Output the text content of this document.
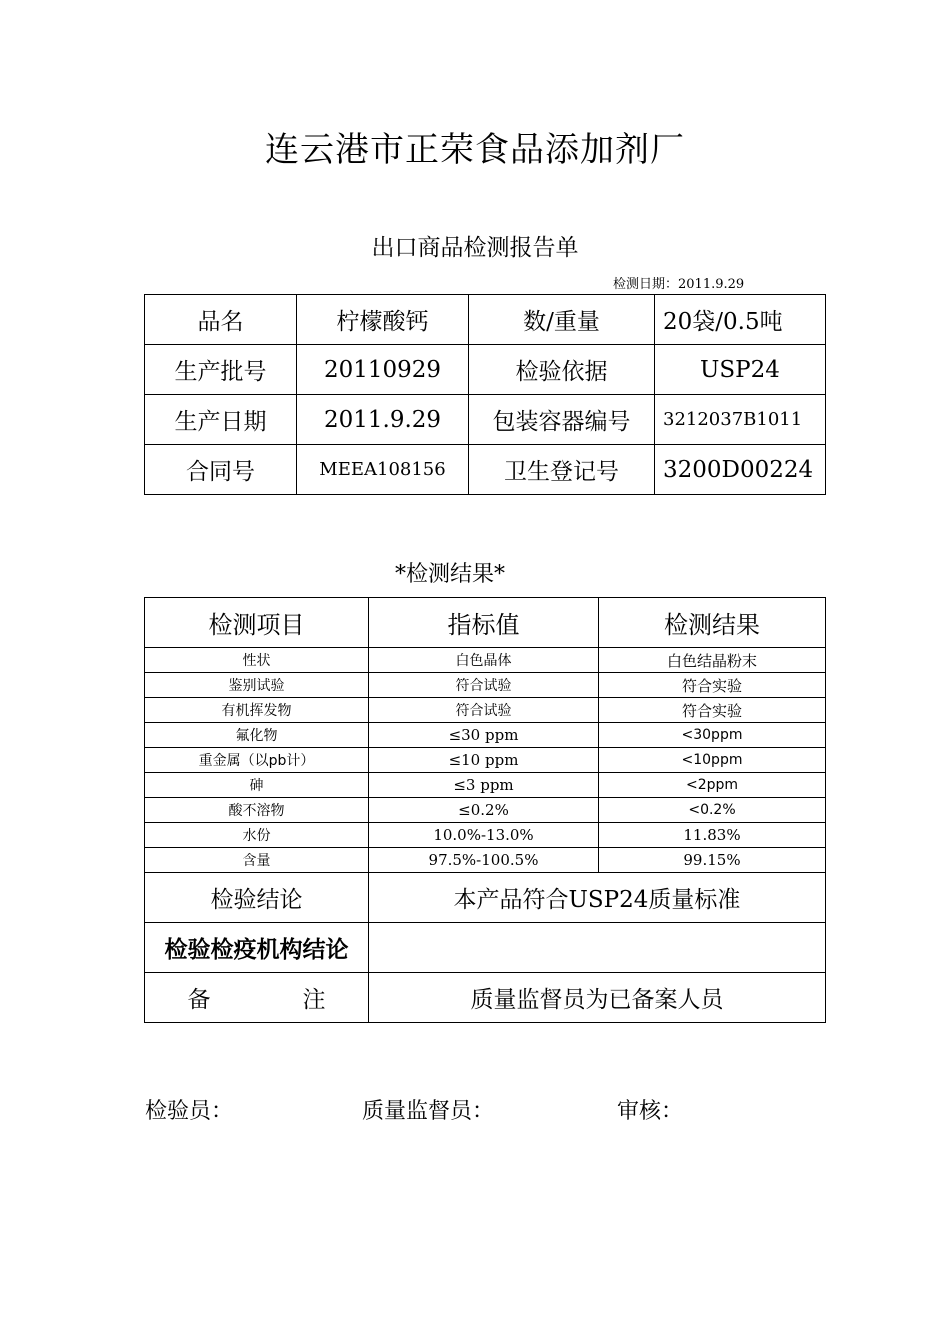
连云港市正荣食品添加剂厂
出口商品检测报告单
检测日期：2011.9.29
品名	柠檬酸钙	数/重量	20袋/0.5吨
生产批号	20110929	检验依据	USP24
生产日期	2011.9.29	包装容器编号	3212037B1011
合同号	MEEA108156	卫生登记号	3200D00224
*检测结果*
检测项目	指标值	检测结果
性状	白色晶体	白色结晶粉末
鉴别试验	符合试验	符合实验
有机挥发物	符合试验	符合实验
氟化物	≤30 ppm	<30ppm
重金属（以pb计）	≤10 ppm	<10ppm
砷	≤3 ppm	<2ppm
酸不溶物	≤0.2%	<0.2%
水份	10.0%-13.0%	11.83%
含量	97.5%-100.5%	99.15%
检验结论	本产品符合USP24质量标准	
检验检疫机构结论		
备　　　　注	质量监督员为已备案人员	
检验员：	质量监督员：	审核：
